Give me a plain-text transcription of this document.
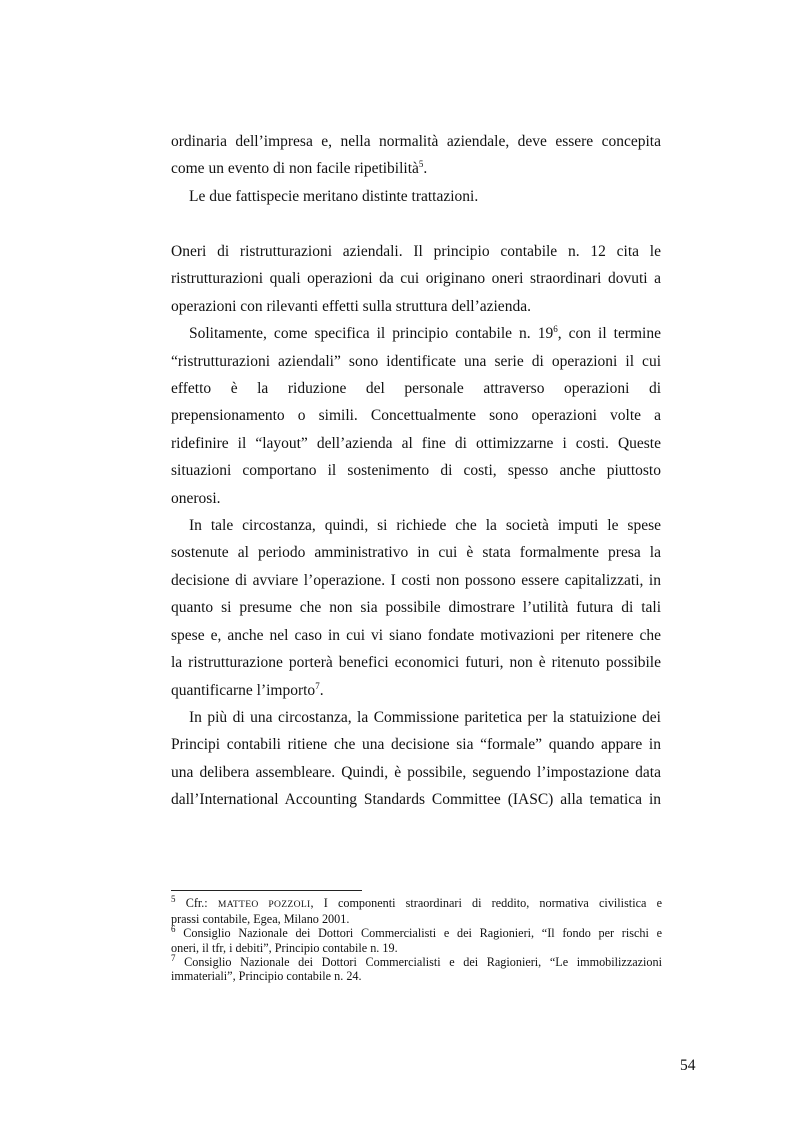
ordinaria dell’impresa e, nella normalità aziendale, deve essere concepita

come un evento di non facile ripetibilità$^5$.

Le due fattispecie meritano distinte trattazioni.

Oneri di ristrutturazioni aziendali. Il principio contabile n. 12 cita le

ristrutturazioni quali operazioni da cui originano oneri straordinari dovuti a

operazioni con rilevanti effetti sulla struttura dell’azienda.

Solitamente, come specifica il principio contabile n. $19^6$, con il termine

“ristrutturazioni aziendali” sono identificate una serie di operazioni il cui

effetto è la riduzione del personale attraverso operazioni di

prepensionamento o simili. Concettualmente sono operazioni volte a

ridefinire il “layout” dell’azienda al fine di ottimizzarne i costi. Queste

situazioni comportano il sostenimento di costi, spesso anche piuttosto

onerosi.

In tale circostanza, quindi, si richiede che la società imputi le spese

sostenute al periodo amministrativo in cui è stata formalmente presa la

decisione di avviare l’operazione. I costi non possono essere capitalizzati, in

quanto si presume che non sia possibile dimostrare l’utilità futura di tali

spese e, anche nel caso in cui vi siano fondate motivazioni per ritenere che

la ristrutturazione porterà benefici economici futuri, non è ritenuto possibile

quantificarne l’importo$^7$.

In più di una circostanza, la Commissione paritetica per la statuizione dei

Principi contabili ritiene che una decisione sia “formale” quando appare in

una delibera assembleare. Quindi, è possibile, seguendo l’impostazione data

dall’International Accounting Standards Committee (IASC) alla tematica in

$^5$ Cfr.: MATTEO POZZOLI, I componenti straordinari di reddito, normativa civilistica e

prassi contabile, Egea, Milano 2001.

$^6$ Consiglio Nazionale dei Dottori Commercialisti e dei Ragionieri, “Il fondo per rischi e

oneri, il tfr, i debiti”, Principio contabile n. 19.

$^7$ Consiglio Nazionale dei Dottori Commercialisti e dei Ragionieri, “Le immobilizzazioni

immateriali”, Principio contabile n. 24.

54
